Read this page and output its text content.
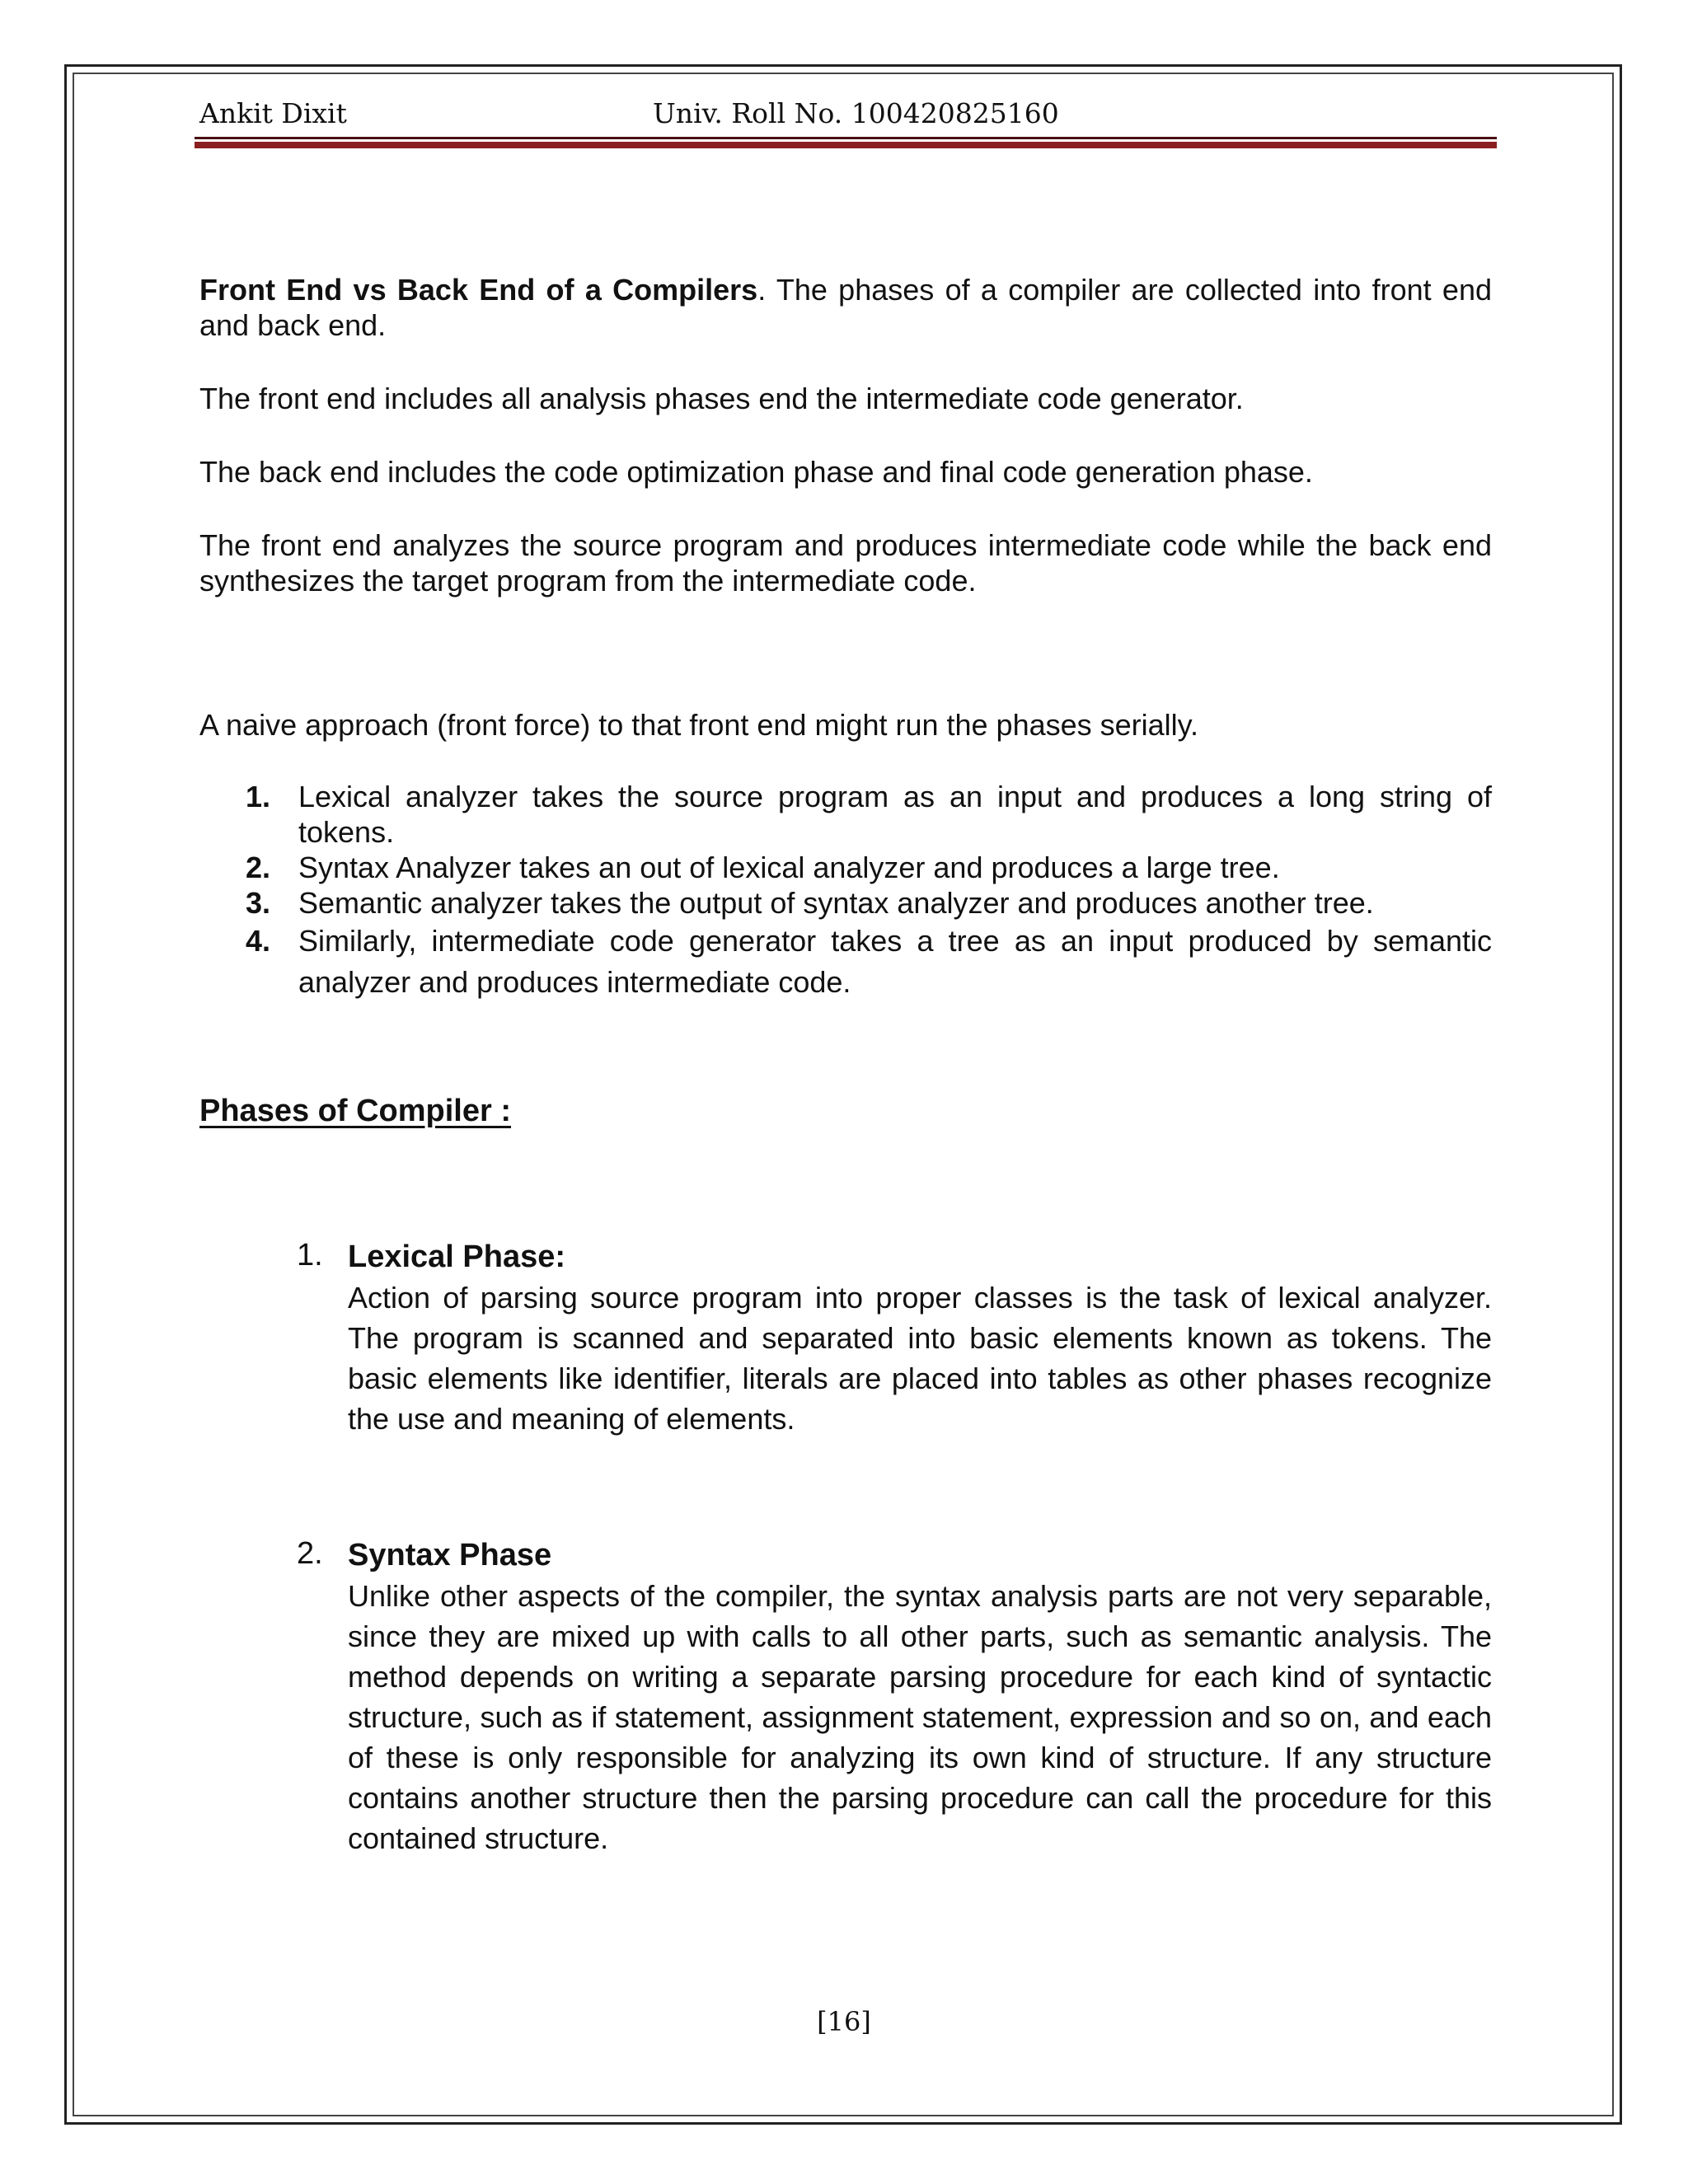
Ankit Dixit	Univ. Roll No. 100420825160

Front End vs Back End of a Compilers. The phases of a compiler are collected into front end and back end.

The front end includes all analysis phases end the intermediate code generator.

The back end includes the code optimization phase and final code generation phase.

The front end analyzes the source program and produces intermediate code while the back end synthesizes the target program from the intermediate code.

A naive approach (front force) to that front end might run the phases serially.

1. Lexical analyzer takes the source program as an input and produces a long string of tokens.
2. Syntax Analyzer takes an out of lexical analyzer and produces a large tree.
3. Semantic analyzer takes the output of syntax analyzer and produces another tree.
4. Similarly, intermediate code generator takes a tree as an input produced by semantic analyzer and produces intermediate code.

Phases of Compiler :

1. Lexical Phase:

Action of parsing source program into proper classes is the task of lexical analyzer. The program is scanned and separated into basic elements known as tokens. The basic elements like identifier, literals are placed into tables as other phases recognize the use and meaning of elements.

2. Syntax Phase

Unlike other aspects of the compiler, the syntax analysis parts are not very separable, since they are mixed up with calls to all other parts, such as semantic analysis. The method depends on writing a separate parsing procedure for each kind of syntactic structure, such as if statement, assignment statement, expression and so on, and each of these is only responsible for analyzing its own kind of structure. If any structure contains another structure then the parsing procedure can call the procedure for this contained structure.

[16]
